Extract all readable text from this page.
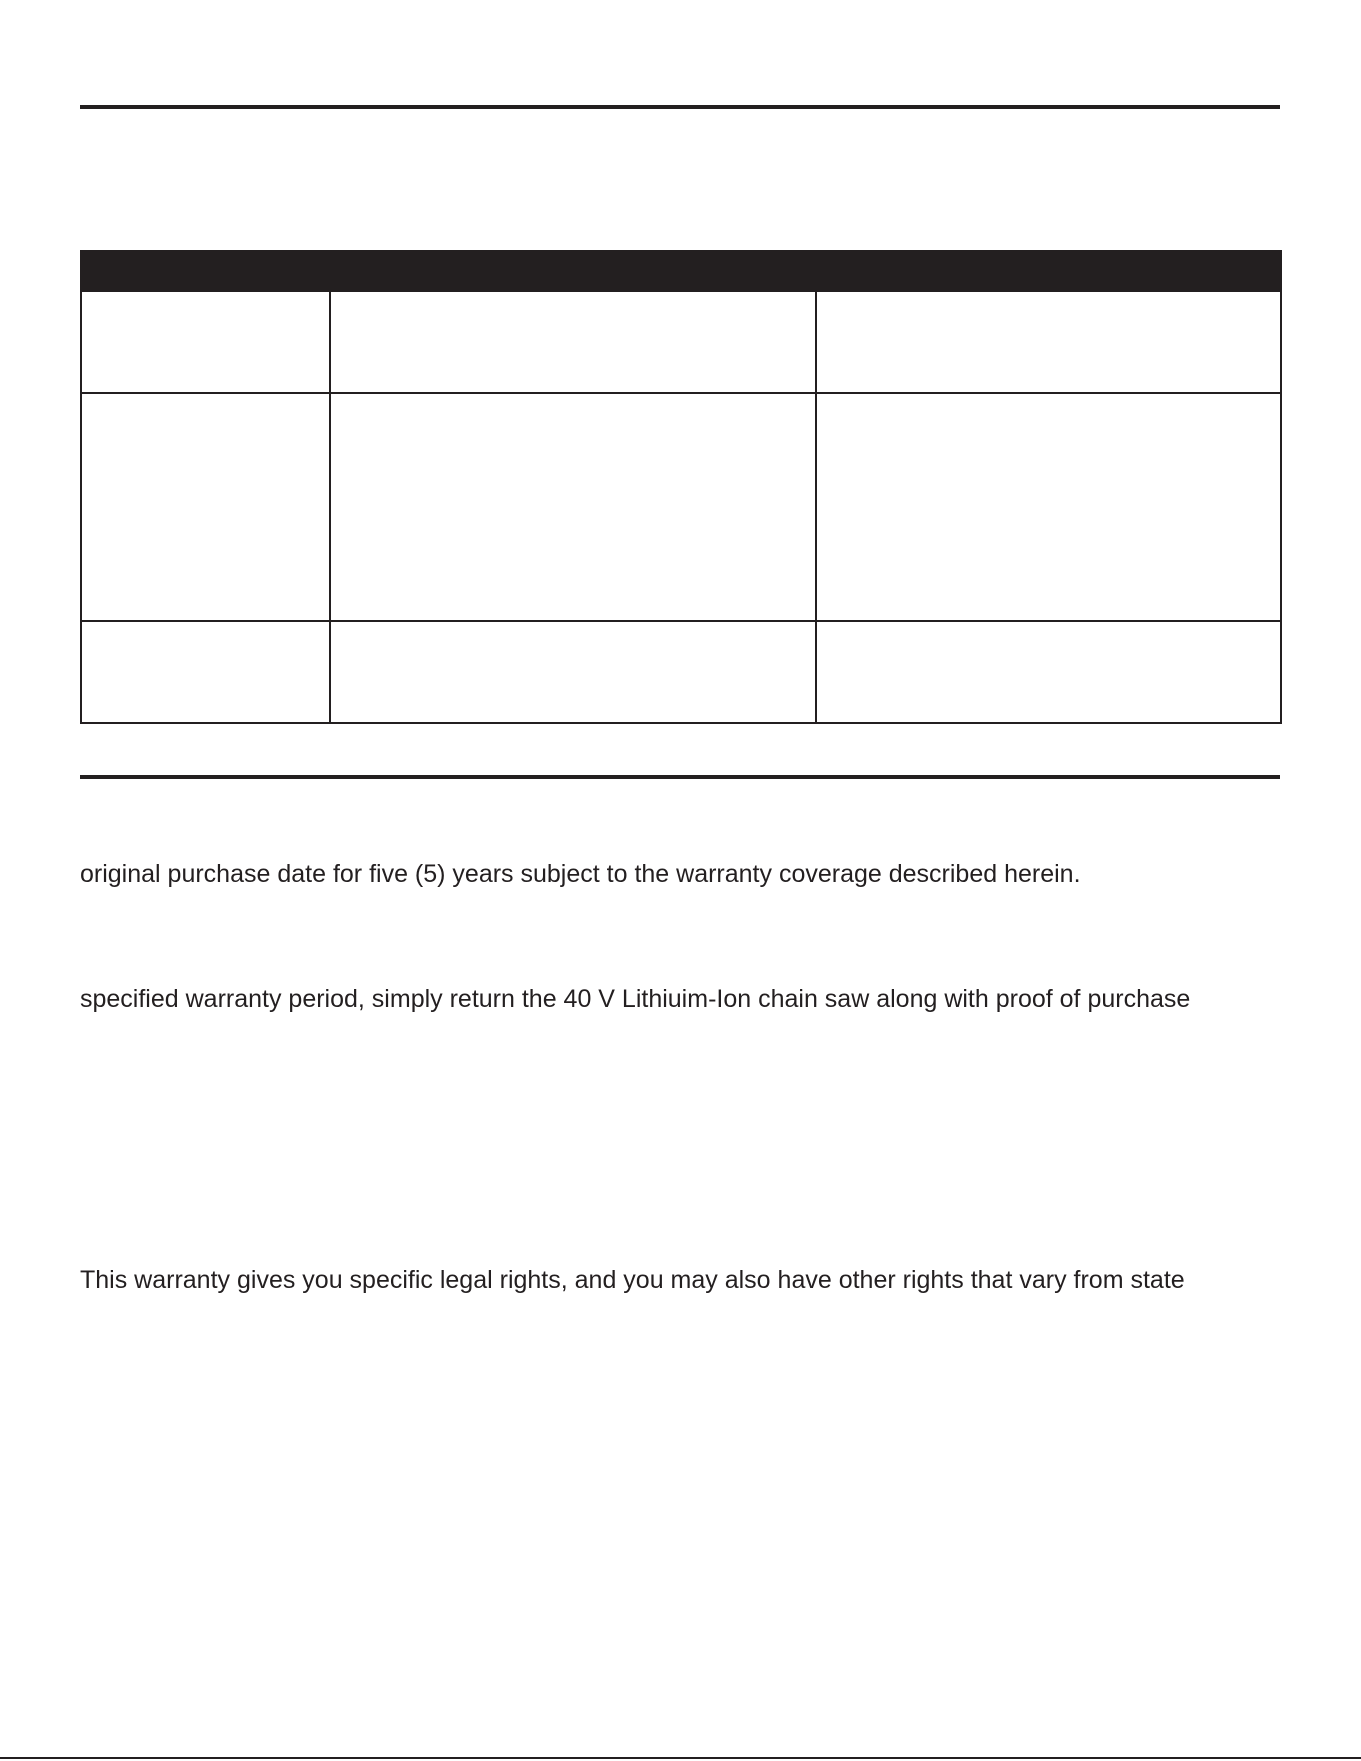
original purchase date for five (5) years subject to the warranty coverage described herein.

specified warranty period, simply return the 40 V Lithiuim-Ion chain saw along with proof of purchase

This warranty gives you specific legal rights, and you may also have other rights that vary from state
